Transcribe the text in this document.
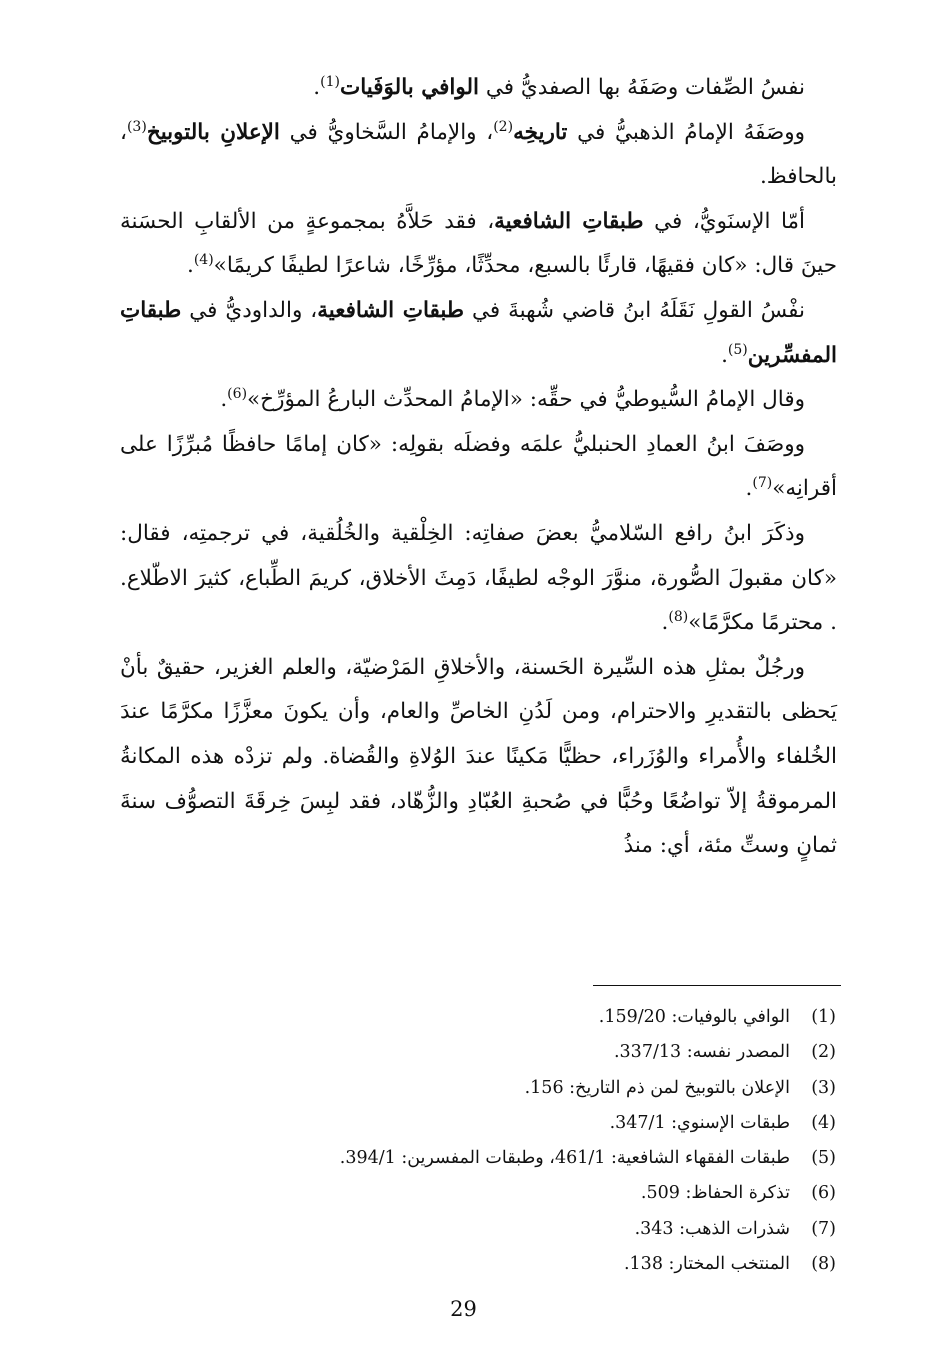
نفسُ الصِّفات وصَفَهُ بها الصفديُّ في الوافي بالوَفَيات$^{(1)}$.

ووصَفَهُ الإمامُ الذهبيُّ في تاريخِه$^{(2)}$، والإمامُ السَّخاويُّ في الإعلانِ بالتوبيخ$^{(3)}$، بالحافظ.

أمّا الإسنَويُّ، في طبقاتِ الشافعية، فقد حَلاَّهُ بمجموعةٍ من الألقابِ الحسَنة حينَ قال: «كان فقيهًا، قارئًا بالسبع، محدِّثًا، مؤرِّخًا، شاعرًا لطيفًا كريمًا»$^{(4)}$.

نفْسُ القولِ نَقَلَهُ ابنُ قاضي شُهبةَ في طبقاتِ الشافعية، والداوديُّ في طبقاتِ المفسِّرين$^{(5)}$.

وقال الإمامُ السُّيوطيُّ في حقِّه: «الإمامُ المحدِّث البارعُ المؤرِّخ»$^{(6)}$.

ووصَفَ ابنُ العمادِ الحنبليُّ علمَه وفضلَه بقولِه: «كان إمامًا حافظًا مُبرِّزًا على أقرانِه»$^{(7)}$.

وذكَرَ ابنُ رافع السّلاميُّ بعضَ صفاتِه: الخِلْقية والخُلُقية، في ترجمتِه، فقال: «كان مقبولَ الصُّورة، منوَّرَ الوجْه لطيفًا، دَمِثَ الأخلاق، كريمَ الطِّباع، كثيرَ الاطّلاع. . محترمًا مكرَّمًا»$^{(8)}$.

ورجُلٌ بمثلِ هذه السِّيرة الحَسنة، والأخلاقِ المَرْضيّة، والعلم الغزير، حقيقٌ بأنْ يَحظى بالتقديرِ والاحترام، ومن لَدُنِ الخاصِّ والعام، وأن يكونَ معزَّزًا مكرَّمًا عندَ الخُلفاء والأُمراء والوُزَراء، حظيًّا مَكينًا عندَ الوُلاةِ والقُضاة. ولم تزدْه هذه المكانةُ المرموقةُ إلاّ تواضُعًا وحُبًّا في صُحبةِ العُبّادِ والزُّهّاد، فقد لبِسَ خِرقَةَ التصوُّف سنةَ ثمانٍ وستِّ مئة، أي: منذُ

(1)
الوافي بالوفيات: 159/20.
(2)
المصدر نفسه: 337/13.
(3)
الإعلان بالتوبيخ لمن ذم التاريخ: 156.
(4)
طبقات الإسنوي: 347/1.
(5)
طبقات الفقهاء الشافعية: 461/1، وطبقات المفسرين: 394/1.
(6)
تذكرة الحفاظ: 509.
(7)
شذرات الذهب: 343.
(8)
المنتخب المختار: 138.
29
